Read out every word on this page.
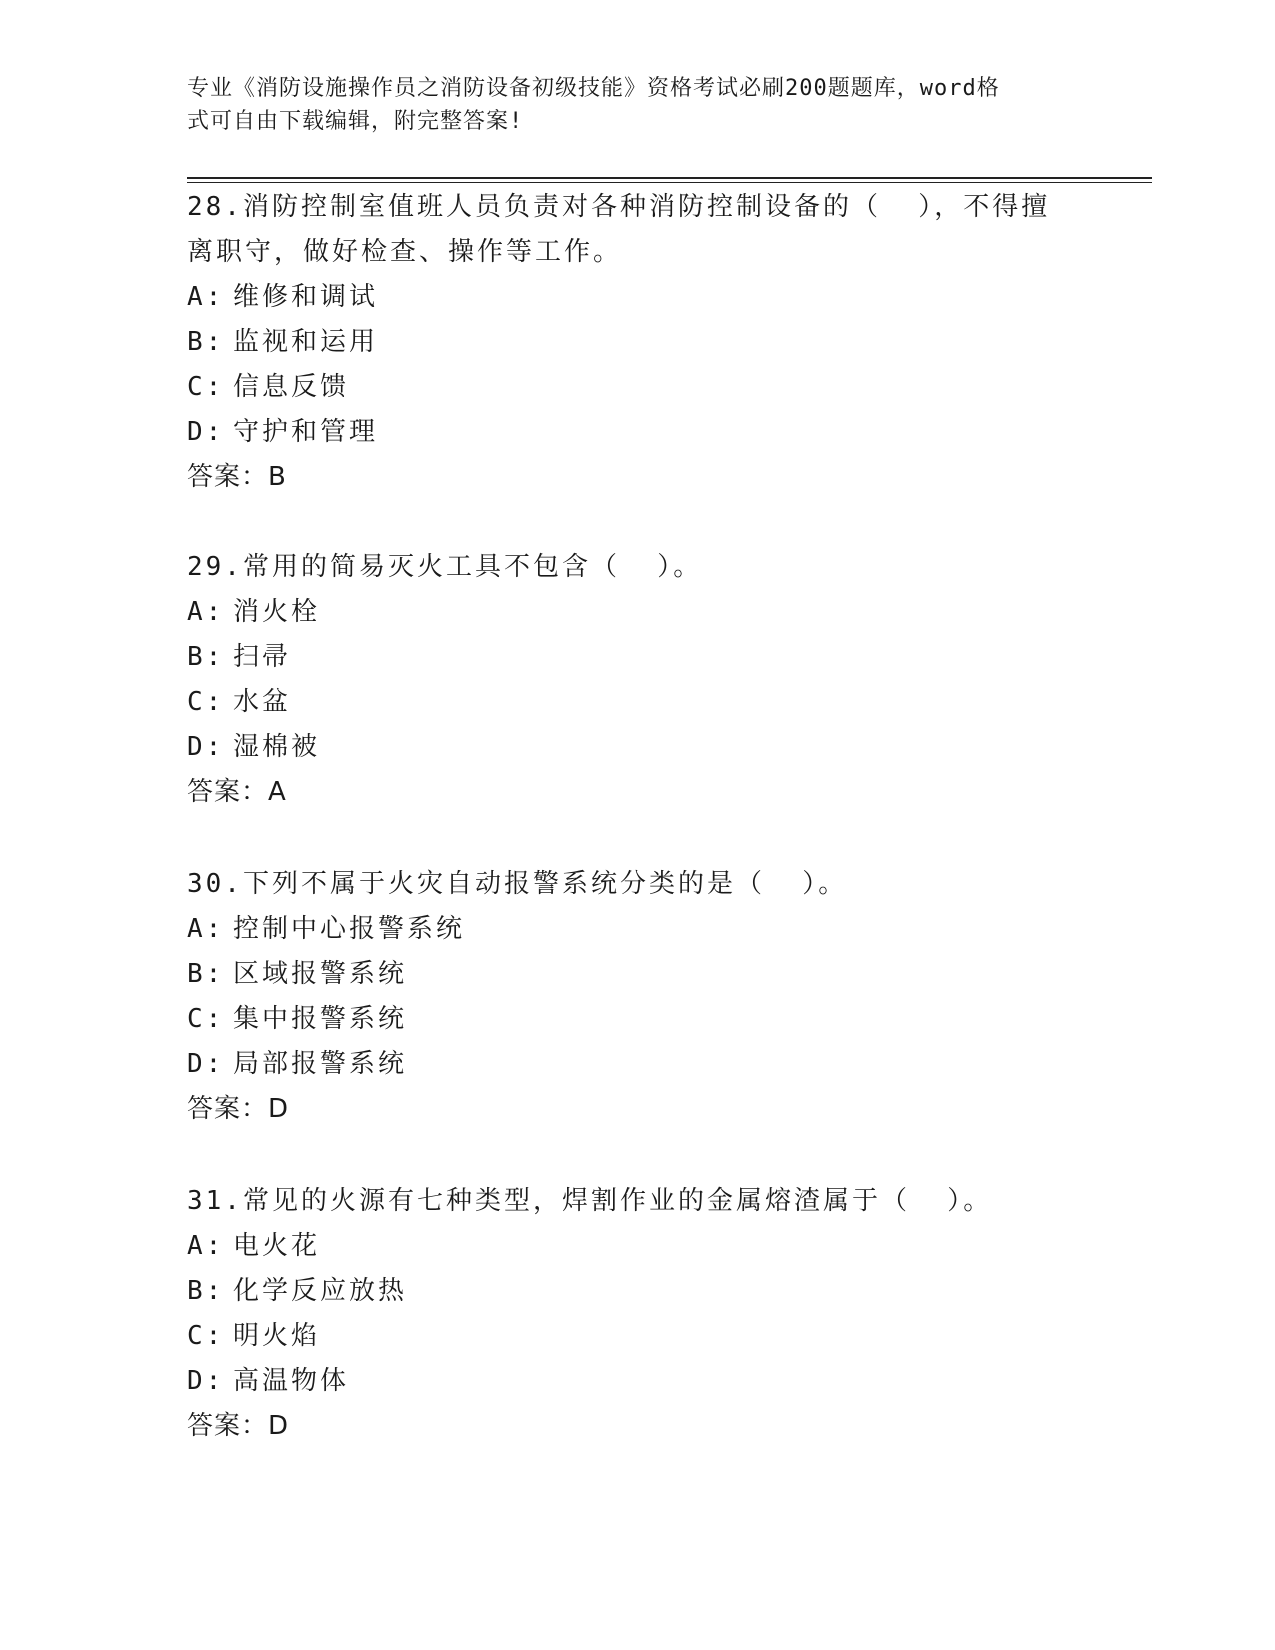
专业《消防设施操作员之消防设备初级技能》资格考试必刷200题题库，word格
式可自由下载编辑，附完整答案!
28.消防控制室值班人员负责对各种消防控制设备的（  ），不得擅离职守，做好检查、操作等工作。
A: 维修和调试
B: 监视和运用
C: 信息反馈
D: 守护和管理
答案：B
29.常用的简易灭火工具不包含（  ）。
A: 消火栓
B: 扫帚
C: 水盆
D: 湿棉被
答案：A
30.下列不属于火灾自动报警系统分类的是（  ）。
A: 控制中心报警系统
B: 区域报警系统
C: 集中报警系统
D: 局部报警系统
答案：D
31.常见的火源有七种类型，焊割作业的金属熔渣属于（  ）。
A: 电火花
B: 化学反应放热
C: 明火焰
D: 高温物体
答案：D
